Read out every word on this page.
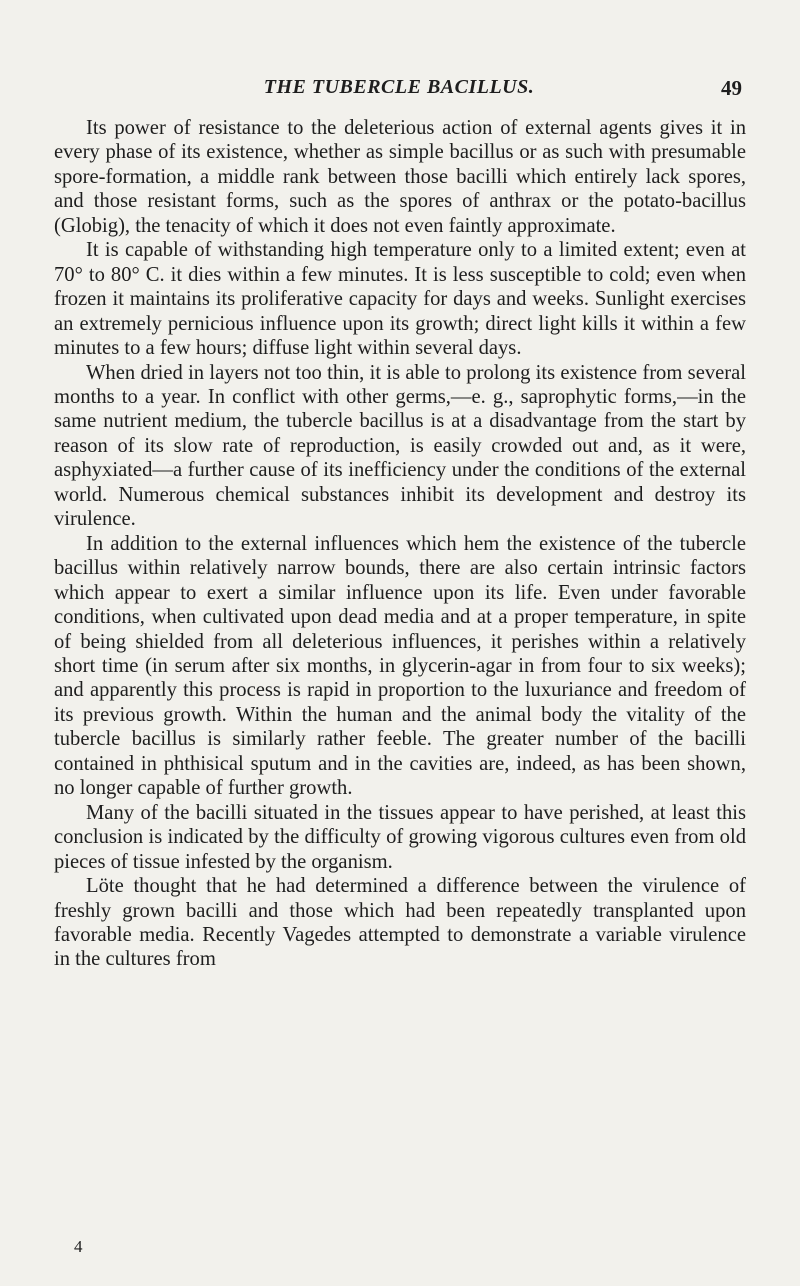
THE TUBERCLE BACILLUS.	49

Its power of resistance to the deleterious action of external agents gives it in every phase of its existence, whether as simple bacillus or as such with presumable spore-formation, a middle rank between those bacilli which entirely lack spores, and those resistant forms, such as the spores of anthrax or the potato-bacillus (Globig), the tenacity of which it does not even faintly approximate.

It is capable of withstanding high temperature only to a limited extent; even at 70° to 80° C. it dies within a few minutes. It is less susceptible to cold; even when frozen it maintains its proliferative capacity for days and weeks. Sunlight exercises an extremely pernicious influence upon its growth; direct light kills it within a few minutes to a few hours; diffuse light within several days.

When dried in layers not too thin, it is able to prolong its existence from several months to a year. In conflict with other germs,—e. g., saprophytic forms,—in the same nutrient medium, the tubercle bacillus is at a disadvantage from the start by reason of its slow rate of reproduction, is easily crowded out and, as it were, asphyxiated—a further cause of its inefficiency under the conditions of the external world. Numerous chemical substances inhibit its development and destroy its virulence.

In addition to the external influences which hem the existence of the tubercle bacillus within relatively narrow bounds, there are also certain intrinsic factors which appear to exert a similar influence upon its life. Even under favorable conditions, when cultivated upon dead media and at a proper temperature, in spite of being shielded from all deleterious influences, it perishes within a relatively short time (in serum after six months, in glycerin-agar in from four to six weeks); and apparently this process is rapid in proportion to the luxuriance and freedom of its previous growth. Within the human and the animal body the vitality of the tubercle bacillus is similarly rather feeble. The greater number of the bacilli contained in phthisical sputum and in the cavities are, indeed, as has been shown, no longer capable of further growth.

Many of the bacilli situated in the tissues appear to have perished, at least this conclusion is indicated by the difficulty of growing vigorous cultures even from old pieces of tissue infested by the organism.

Löte thought that he had determined a difference between the virulence of freshly grown bacilli and those which had been repeatedly transplanted upon favorable media. Recently Vagedes attempted to demonstrate a variable virulence in the cultures from

4
